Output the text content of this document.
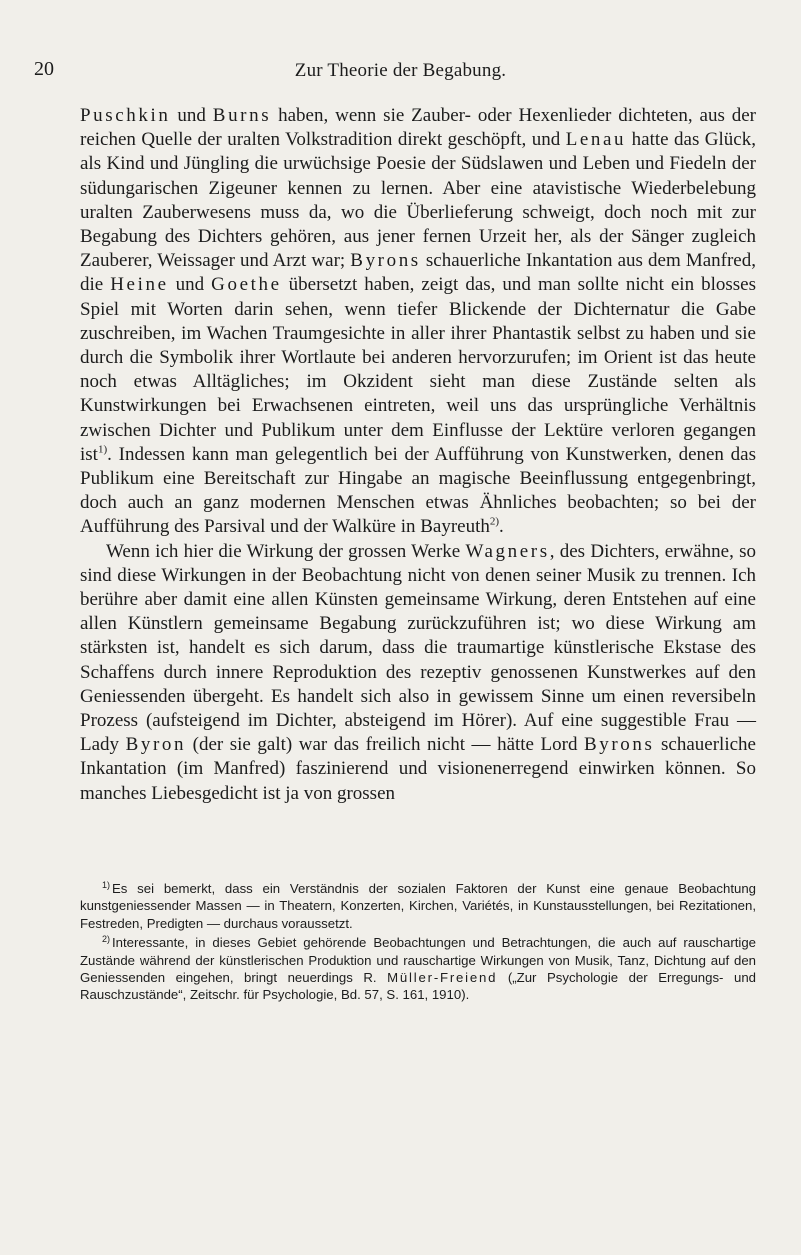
20	Zur Theorie der Begabung.

Puschkin und Burns haben, wenn sie Zauber- oder Hexenlieder dichteten, aus der reichen Quelle der uralten Volkstradition direkt geschöpft, und Lenau hatte das Glück, als Kind und Jüngling die urwüchsige Poesie der Südslawen und Leben und Fiedeln der südungarischen Zigeuner kennen zu lernen. Aber eine atavistische Wiederbelebung uralten Zauberwesens muss da, wo die Überlieferung schweigt, doch noch mit zur Begabung des Dichters gehören, aus jener fernen Urzeit her, als der Sänger zugleich Zauberer, Weissager und Arzt war; Byrons schauerliche Inkantation aus dem Manfred, die Heine und Goethe übersetzt haben, zeigt das, und man sollte nicht ein blosses Spiel mit Worten darin sehen, wenn tiefer Blickende der Dichternatur die Gabe zuschreiben, im Wachen Traumgesichte in aller ihrer Phantastik selbst zu haben und sie durch die Symbolik ihrer Wortlaute bei anderen hervorzurufen; im Orient ist das heute noch etwas Alltägliches; im Okzident sieht man diese Zustände selten als Kunstwirkungen bei Erwachsenen eintreten, weil uns das ursprüngliche Verhältnis zwischen Dichter und Publikum unter dem Einflusse der Lektüre verloren gegangen ist$^{1)}$. Indessen kann man gelegentlich bei der Aufführung von Kunstwerken, denen das Publikum eine Bereitschaft zur Hingabe an magische Beeinflussung entgegenbringt, doch auch an ganz modernen Menschen etwas Ähnliches beobachten; so bei der Aufführung des Parsival und der Walküre in Bayreuth$^{2)}$.

Wenn ich hier die Wirkung der grossen Werke Wagners, des Dichters, erwähne, so sind diese Wirkungen in der Beobachtung nicht von denen seiner Musik zu trennen. Ich berühre aber damit eine allen Künsten gemeinsame Wirkung, deren Entstehen auf eine allen Künstlern gemeinsame Begabung zurückzuführen ist; wo diese Wirkung am stärksten ist, handelt es sich darum, dass die traumartige künstlerische Ekstase des Schaffens durch innere Reproduktion des rezeptiv genossenen Kunstwerkes auf den Geniessenden übergeht. Es handelt sich also in gewissem Sinne um einen reversibeln Prozess (aufsteigend im Dichter, absteigend im Hörer). Auf eine suggestible Frau — Lady Byron (der sie galt) war das freilich nicht — hätte Lord Byrons schauerliche Inkantation (im Manfred) faszinierend und visionenerregend einwirken können. So manches Liebesgedicht ist ja von grossen

$^{1)}$ Es sei bemerkt, dass ein Verständnis der sozialen Faktoren der Kunst eine genaue Beobachtung kunstgeniessender Massen — in Theatern, Konzerten, Kirchen, Variétés, in Kunstausstellungen, bei Rezitationen, Festreden, Predigten — durchaus voraussetzt.

$^{2)}$ Interessante, in dieses Gebiet gehörende Beobachtungen und Betrachtungen, die auch auf rauschartige Zustände während der künstlerischen Produktion und rauschartige Wirkungen von Musik, Tanz, Dichtung auf den Geniessenden eingehen, bringt neuerdings R. Müller-Freiend („Zur Psychologie der Erregungs- und Rauschzustände“, Zeitschr. für Psychologie, Bd. 57, S. 161, 1910).
